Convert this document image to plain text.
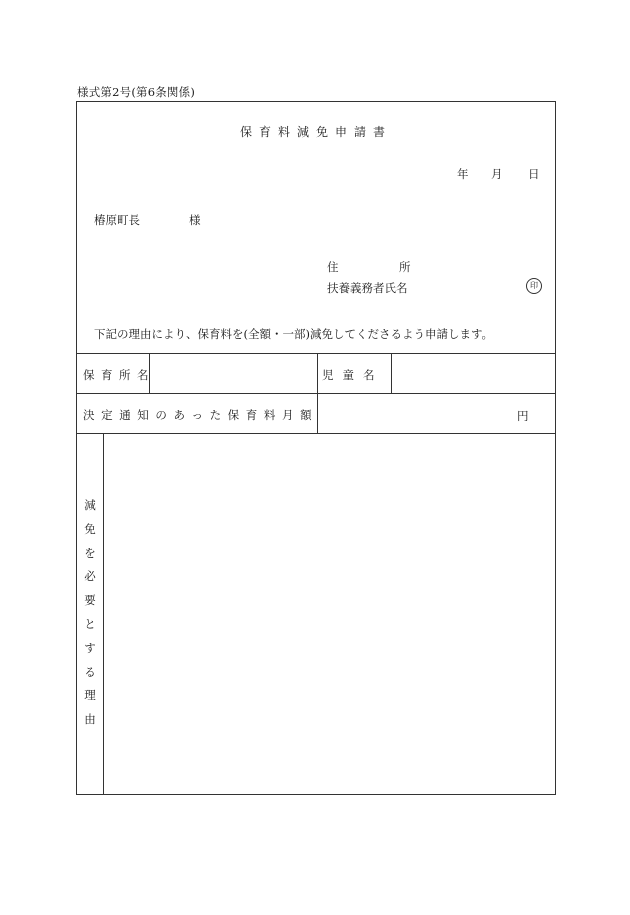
様式第2号(第6条関係)
保育料減免申請書
年 月 日
椿原町長	様
住	所
扶養義務者氏名	印
下記の理由により、保育料を(全額・一部)減免してくださるよう申請します。
保育所名	児童名
決定通知のあった保育料月額	円
減
免
を
必
要
と
す
る
理
由
